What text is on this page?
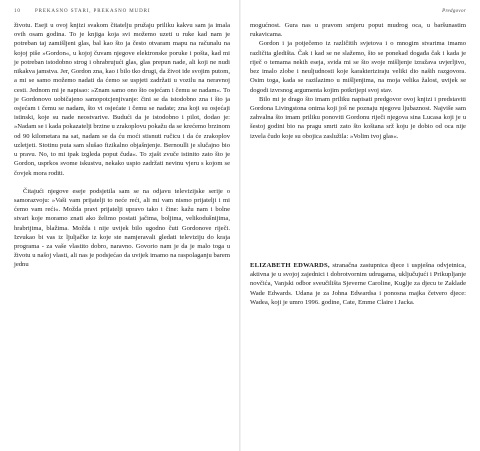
10	PREKASNO STARI, PREKASNO MUDRI

životu. Eseji u ovoj knjizi svakom čitatelju pružaju priliku kakvu sam ja imala ovih osam godina. To je knjiga koja svi možemo uzeti u ruke kad nam je potreban taj zamišljeni glas, bal kao što ja često otvaram mapu na računalu na kojoj piše »Gordon«, u kojoj čuvam njegove elektronske poruke i pošta, kad mi je potreban istodobno strog i ohrabrujući glas, glas prepun nade, ali koji ne nudi nikakva jamstva. Jer, Gordon zna, kao i bilo tko drugi, da život ide svojim putom, a mi se samo možemo nadati da ćemo se uspjeti zadržati u vozilu na neravnoj cesti. Jednom mi je napisao: »Znam samo ono što osjećam i čemu se nadam«. To je Gordonovo uobičajeno samopotcjenjivanje: čini se da istodobno zna i što ja osjećam i čemu se nadam, što vi osjećate i čemu se nadate; zna koji su osjećaji istinski, koje su nade neostvarive. Budući da je istodobno i pilot, dodao je: »Nadam se i kada pokazatelji brzine u zrakoplovu pokažu da se krećemo brzinom od 90 kilometara na sat, nadam se da ću moći stisnuti ručicu i da će zrakoplov uzletjeti. Stotinu puta sam slušao fizikalno objašnjenje. Bernoulli je slučajno bio u pravu. No, to mi ipak izgleda poput čuda«. To zjašt zvuče istinito zato što je Gordon, usprkos svome iskustvu, nekako uspio zadržati nevinu vjeru s kojom se čovjek mora roditi.

Čitajući njegove eseje podsjetila sam se na odjavu televizijske serije o samorazvoju: »Vaši vam prijatelji to neće reći, ali mi vam nismo prijatelji i mi ćemo vam reći«. Možda pravi prijatelji upravo tako i čine: kažu nam i bolne stvari koje moramo znati ako želimo postati jačima, boljima, velikodušnijima, hrabrijima, blažima. Možda i nije uvijek bilo ugodno čuti Gordonove riječi. Izvukao bi vas iz ljuljačke iz koje ste namjeravali gledati televiziju do kraja programa - za vaše vlastito dobro, naravno. Govorio nam je da je malo toga u životu u našoj vlasti, ali nas je podsjećao da uvijek imamo na raspolaganju barem jednu

Predgovor

mogućnost. Gura nas u pravom smjeru poput mudrog oca, u baršunastim rukavicama.

Gordon i ja potječemo iz različitih svjetova i o mnogim stvarima imamo različita gledišta. Čak i kad se ne slažemo, što se ponekad događa čak i kada je riječ o temama nekih eseja, svida mi se što svoje mišljenje izražava uvjerljivo, bez imalo zlobe i neuljudnosti koje karakteriziraju veliki dio naših razgovora. Osim toga, kada se razilazimo u mišljenjima, na moja velika žalost, uvijek se dogodi izvrsnog argumenta kojim potkrijepi svoj stav.

Bilo mi je drago što imam priliku napisati predgovor ovoj knjizi i predstaviti Gordona Livingstona onima koji još ne poznaju njegovu ljubaznost. Najviše sam zahvalna što imam priliku ponoviti Gordonu riječi njegova sina Lucasa koji je u šestoj godini bio na pragu smrti zato što koštana srž koju je dobio od oca nije izvela čudo koje su obojica zaslužila: »Volim tvoj glas«.

ELIZABETH EDWARDS, stranačna zastupnica djece i uspješna odvjetnica, aktivna je u svojoj zajednici i dobrotvornim udrugama, uključujući i Prikupljanje novčića, Vanjski odbor sveučilišta Sjeverne Caroline, Kuglje za djecu te Zaklade Wade Edwards. Udana je za Johna Edwardsa i ponosna majka četvero djece: Wadea, koji je umro 1996. godine, Cate, Emme Claire i Jacka.
